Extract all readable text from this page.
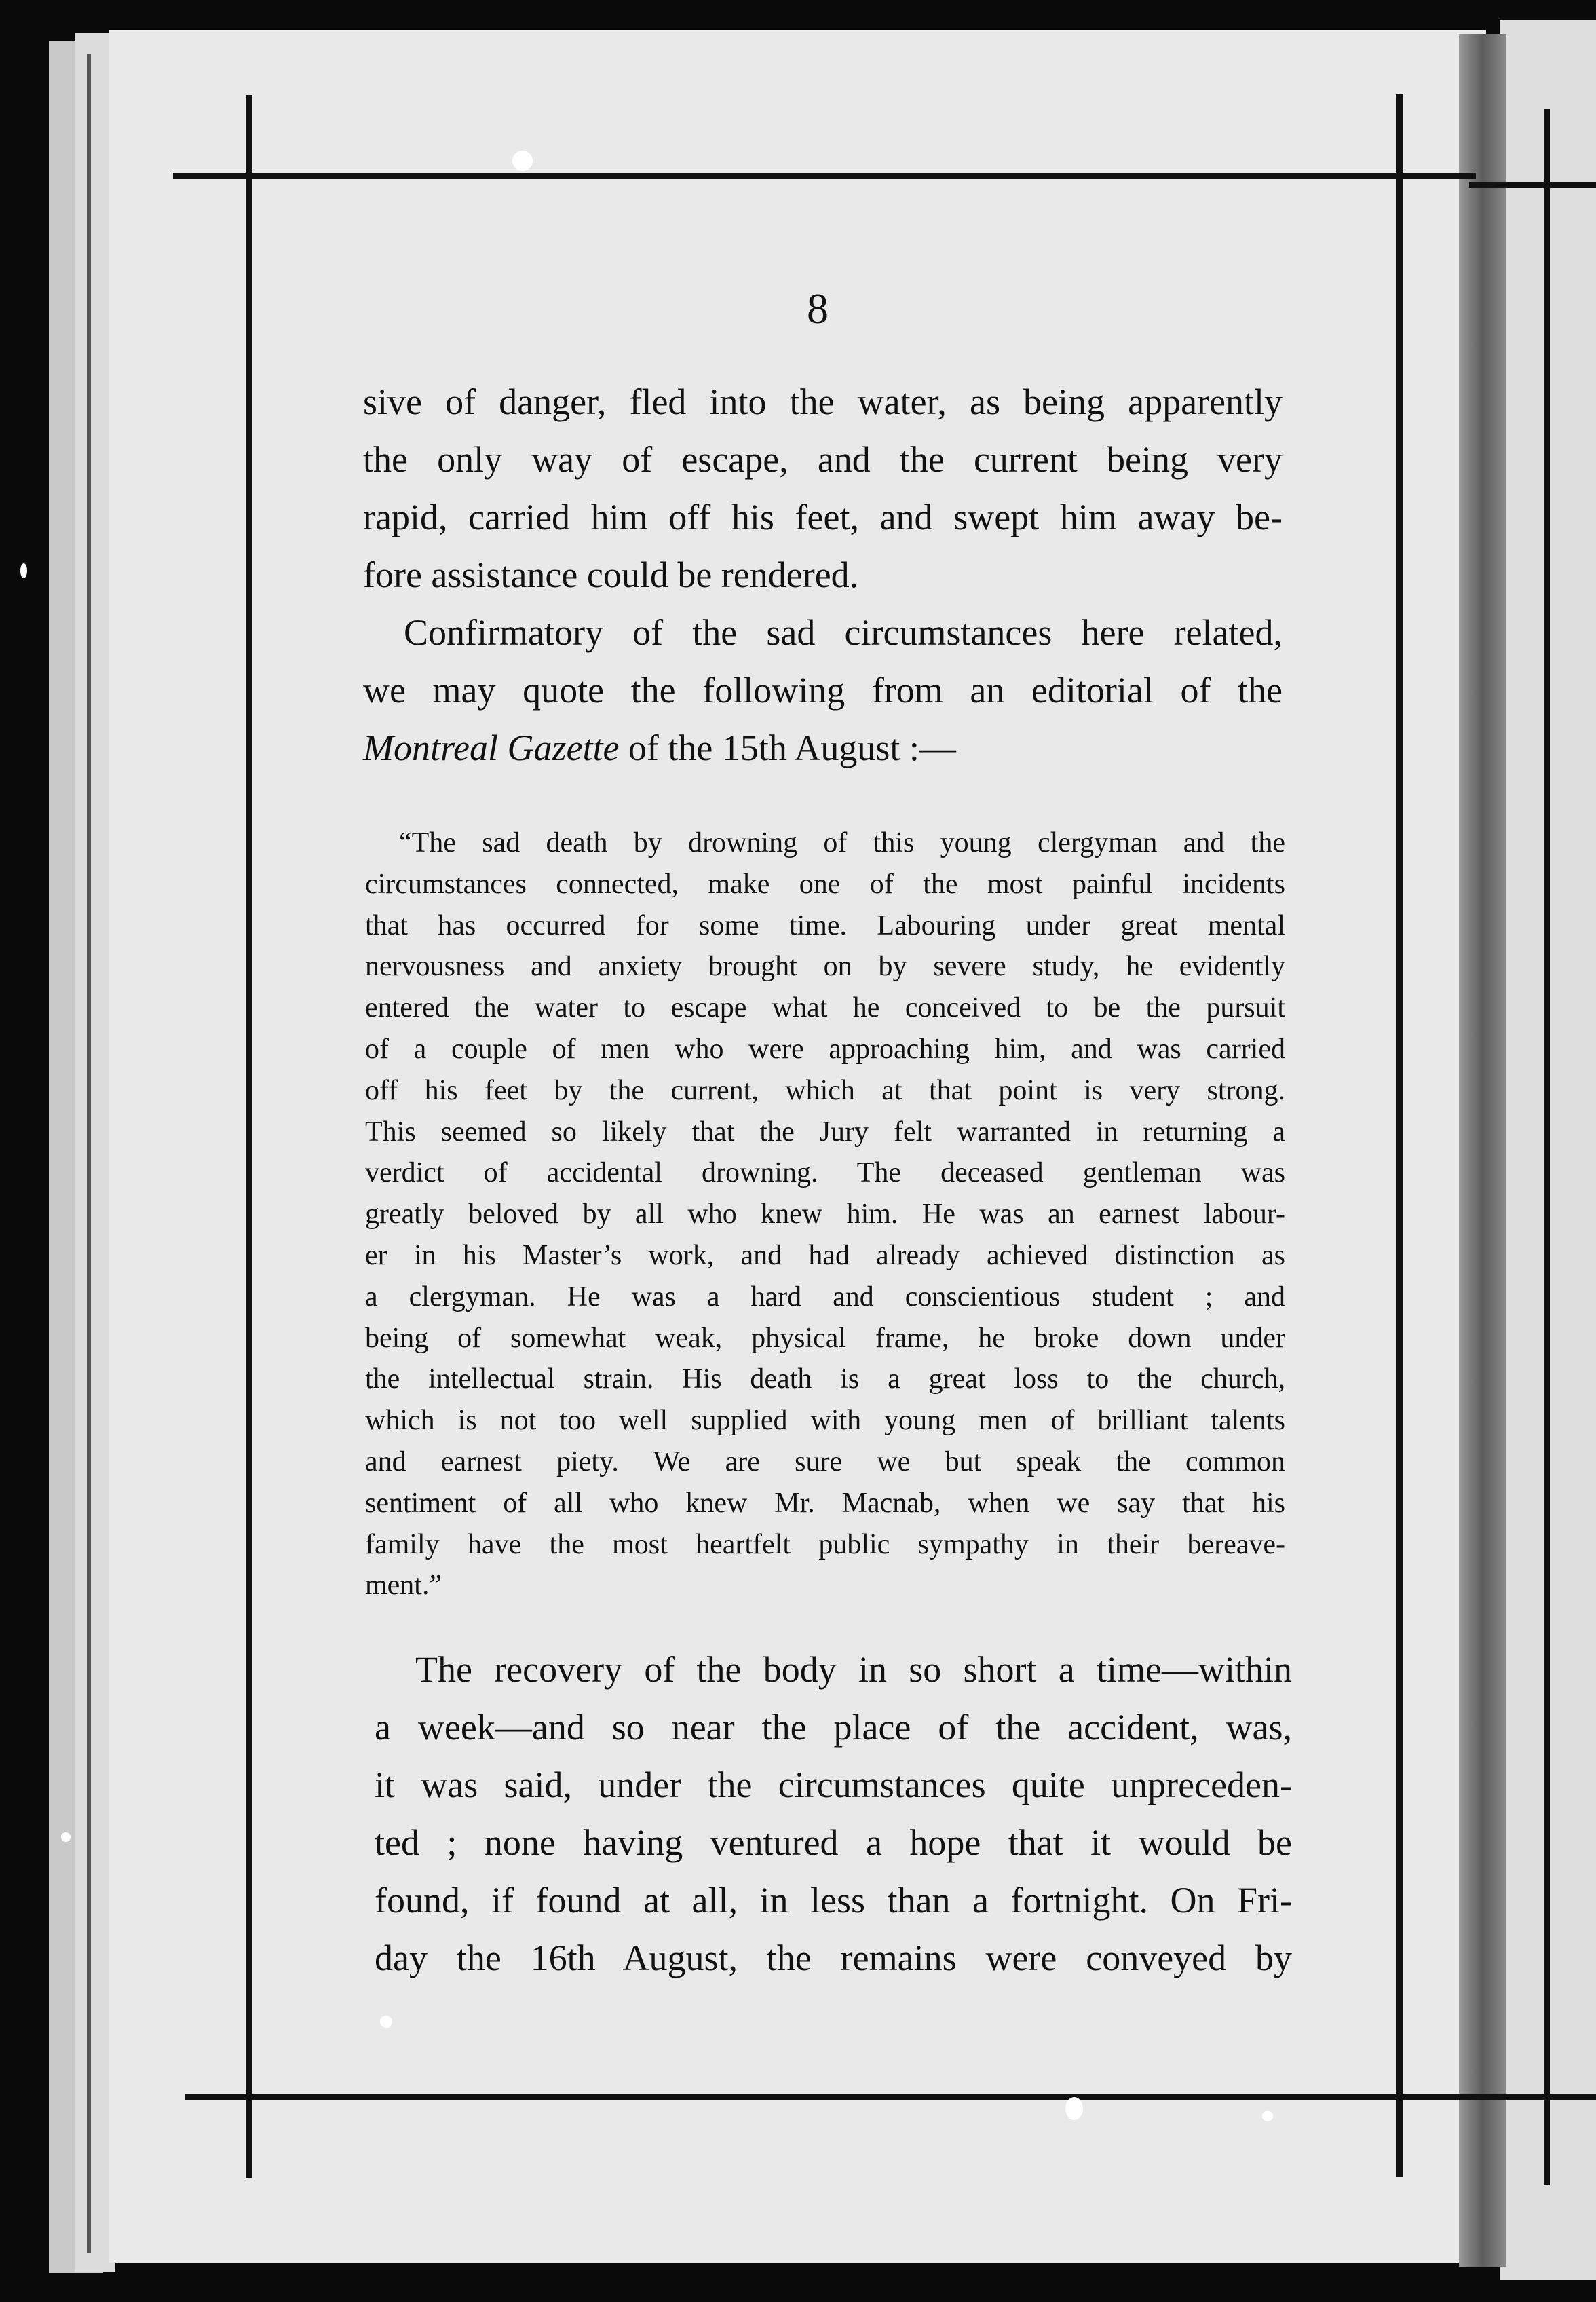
8
sive of danger, fled into the water, as being apparently
the only way of escape, and the current being very
rapid, carried him off his feet, and swept him away be-
fore assistance could be rendered.
Confirmatory of the sad circumstances here related,
we may quote the following from an editorial of the
Montreal Gazette of the 15th August :—
“The sad death by drowning of this young clergyman and the
circumstances connected, make one of the most painful incidents
that has occurred for some time. Labouring under great mental
nervousness and anxiety brought on by severe study, he evidently
entered the water to escape what he conceived to be the pursuit
of a couple of men who were approaching him, and was carried
off his feet by the current, which at that point is very strong.
This seemed so likely that the Jury felt warranted in returning a
verdict of accidental drowning. The deceased gentleman was
greatly beloved by all who knew him. He was an earnest labour-
er in his Master’s work, and had already achieved distinction as
a clergyman. He was a hard and conscientious student ; and
being of somewhat weak, physical frame, he broke down under
the intellectual strain. His death is a great loss to the church,
which is not too well supplied with young men of brilliant talents
and earnest piety. We are sure we but speak the common
sentiment of all who knew Mr. Macnab, when we say that his
family have the most heartfelt public sympathy in their bereave-
ment.”
The recovery of the body in so short a time—within
a week—and so near the place of the accident, was,
it was said, under the circumstances quite unpreceden-
ted ; none having ventured a hope that it would be
found, if found at all, in less than a fortnight. On Fri-
day the 16th August, the remains were conveyed by
